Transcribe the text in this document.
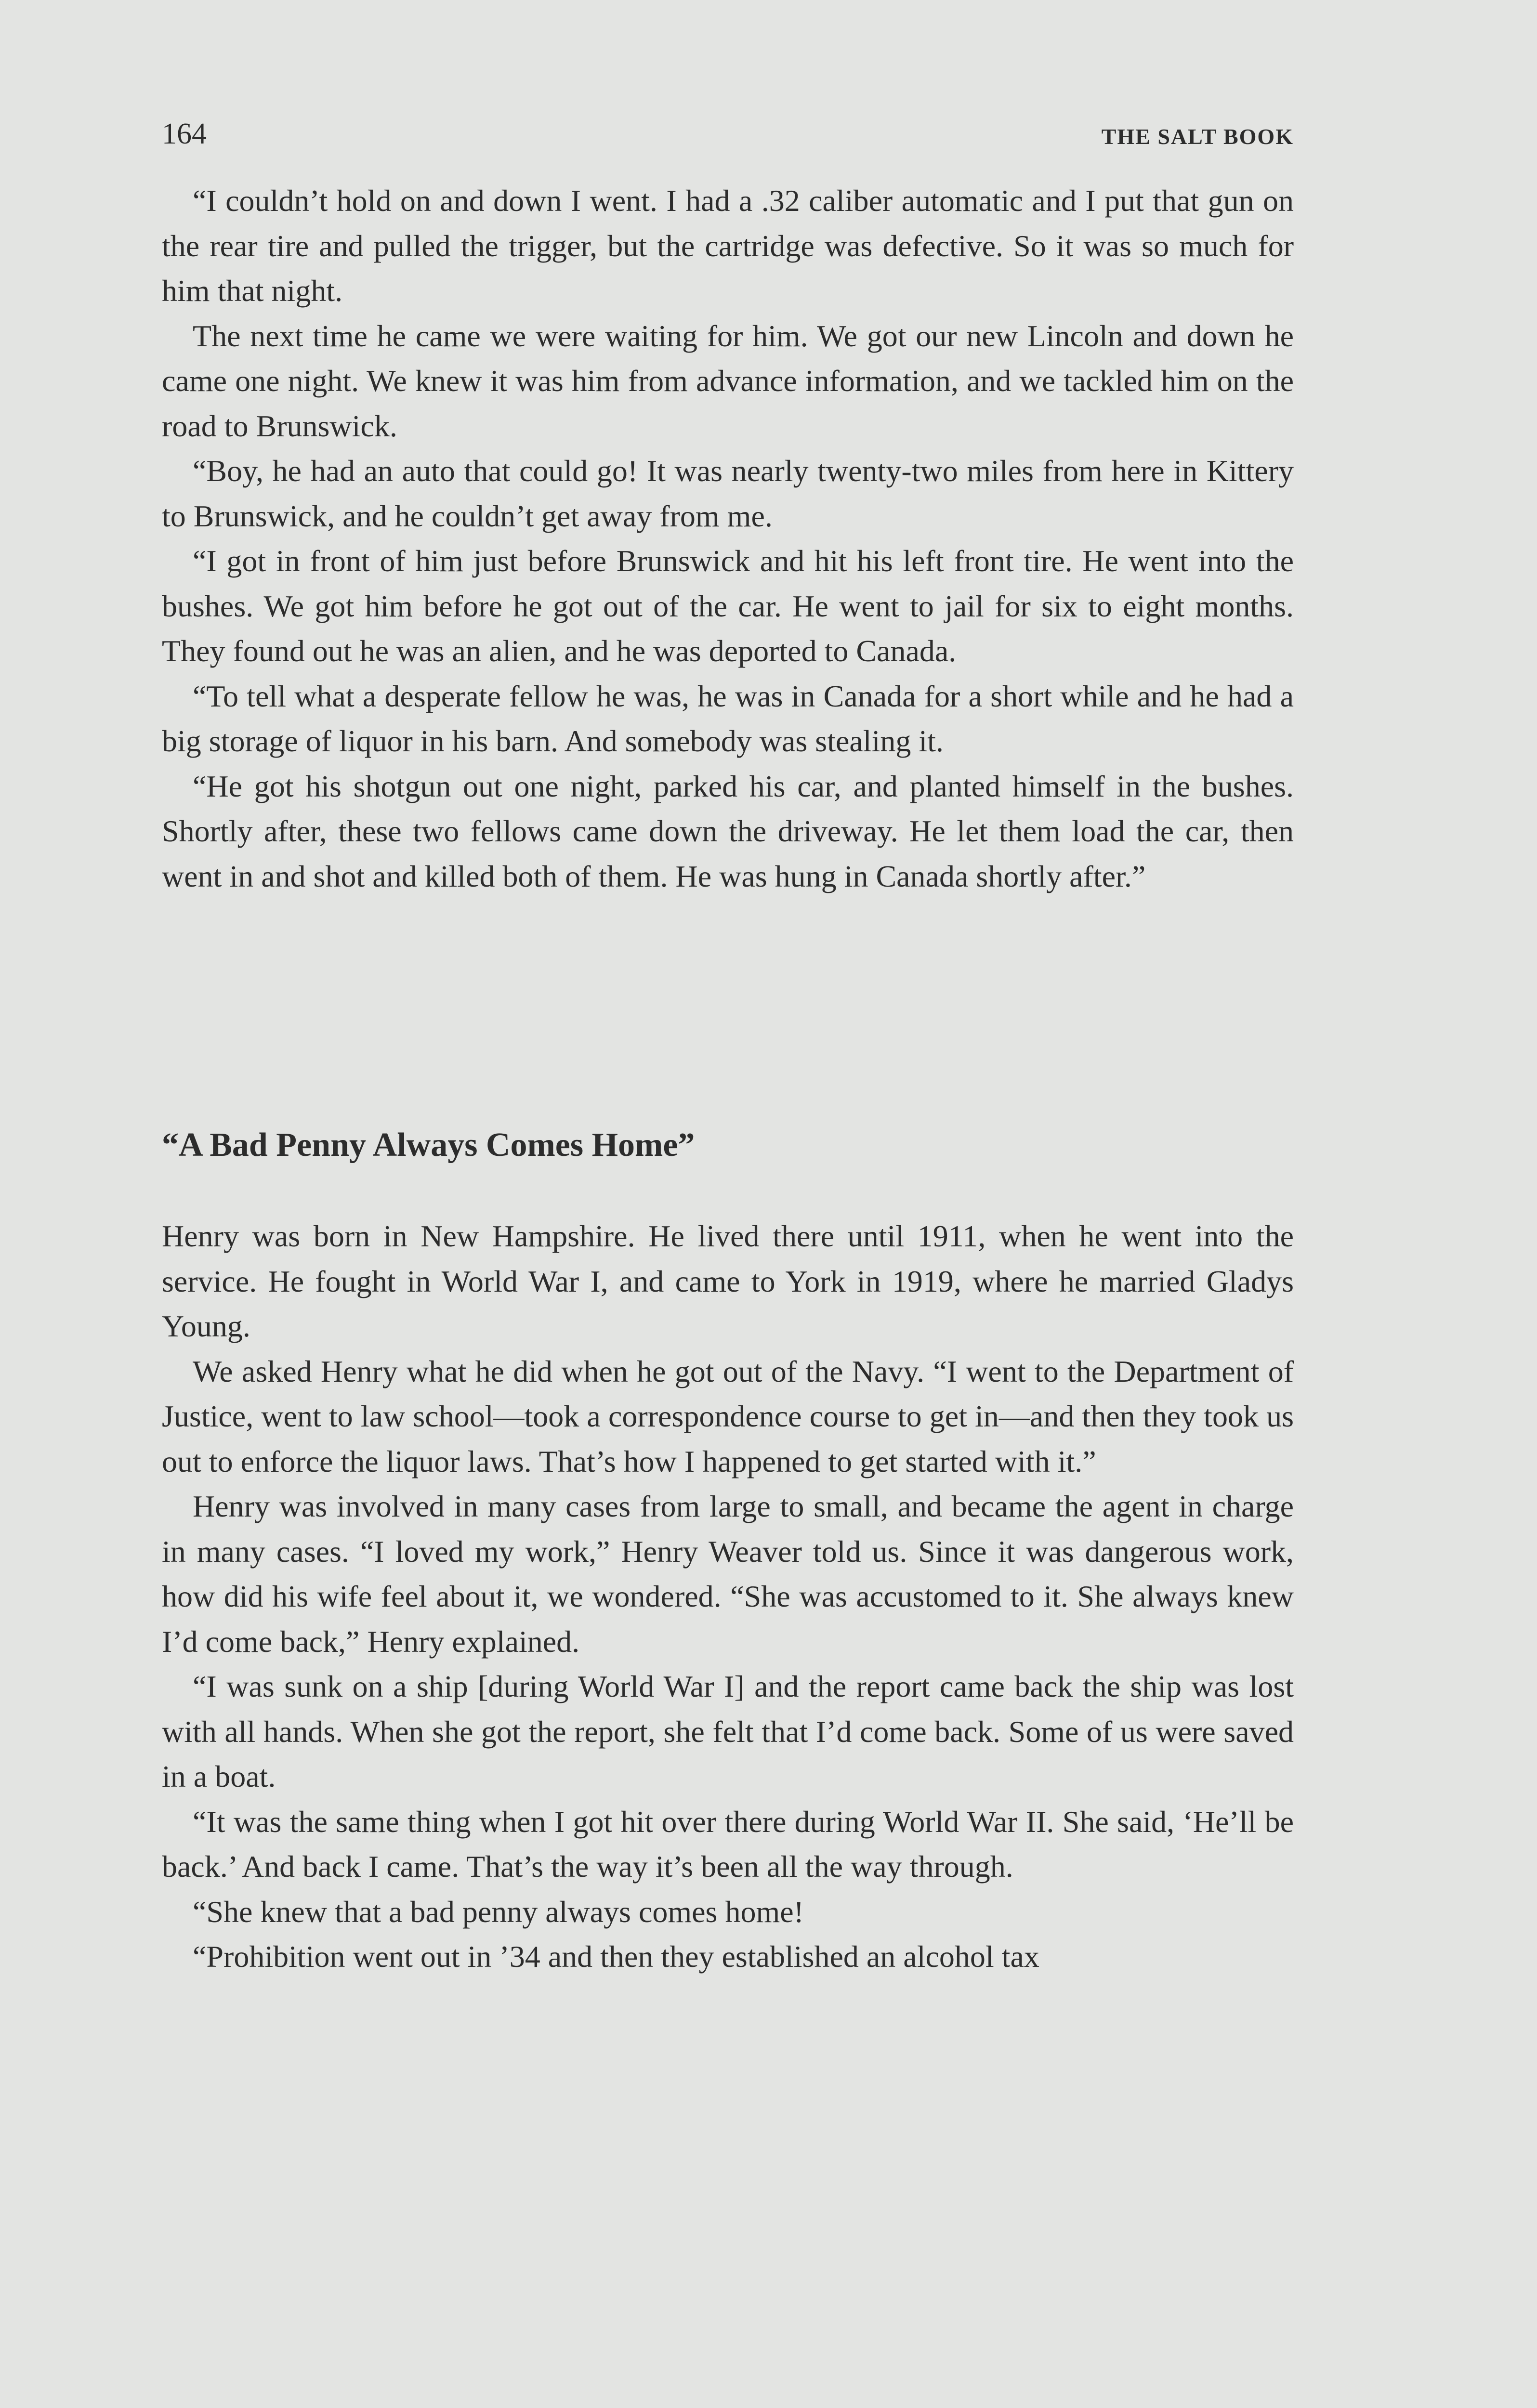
164	THE SALT BOOK

“I couldn’t hold on and down I went. I had a .32 caliber automatic and I put that gun on the rear tire and pulled the trigger, but the cartridge was defective. So it was so much for him that night.

The next time he came we were waiting for him. We got our new Lincoln and down he came one night. We knew it was him from advance information, and we tackled him on the road to Brunswick.

“Boy, he had an auto that could go! It was nearly twenty-two miles from here in Kittery to Brunswick, and he couldn’t get away from me.

“I got in front of him just before Brunswick and hit his left front tire. He went into the bushes. We got him before he got out of the car. He went to jail for six to eight months. They found out he was an alien, and he was deported to Canada.

“To tell what a desperate fellow he was, he was in Canada for a short while and he had a big storage of liquor in his barn. And somebody was stealing it.

“He got his shotgun out one night, parked his car, and planted himself in the bushes. Shortly after, these two fellows came down the driveway. He let them load the car, then went in and shot and killed both of them. He was hung in Canada shortly after.”

“A Bad Penny Always Comes Home”

Henry was born in New Hampshire. He lived there until 1911, when he went into the service. He fought in World War I, and came to York in 1919, where he married Gladys Young.

We asked Henry what he did when he got out of the Navy. “I went to the Department of Justice, went to law school—took a correspondence course to get in—and then they took us out to enforce the liquor laws. That’s how I happened to get started with it.”

Henry was involved in many cases from large to small, and became the agent in charge in many cases. “I loved my work,” Henry Weaver told us. Since it was dangerous work, how did his wife feel about it, we wondered. “She was accustomed to it. She always knew I’d come back,” Henry explained.

“I was sunk on a ship [during World War I] and the report came back the ship was lost with all hands. When she got the report, she felt that I’d come back. Some of us were saved in a boat.

“It was the same thing when I got hit over there during World War II. She said, ‘He’ll be back.’ And back I came. That’s the way it’s been all the way through.

“She knew that a bad penny always comes home!

“Prohibition went out in ’34 and then they established an alcohol tax
